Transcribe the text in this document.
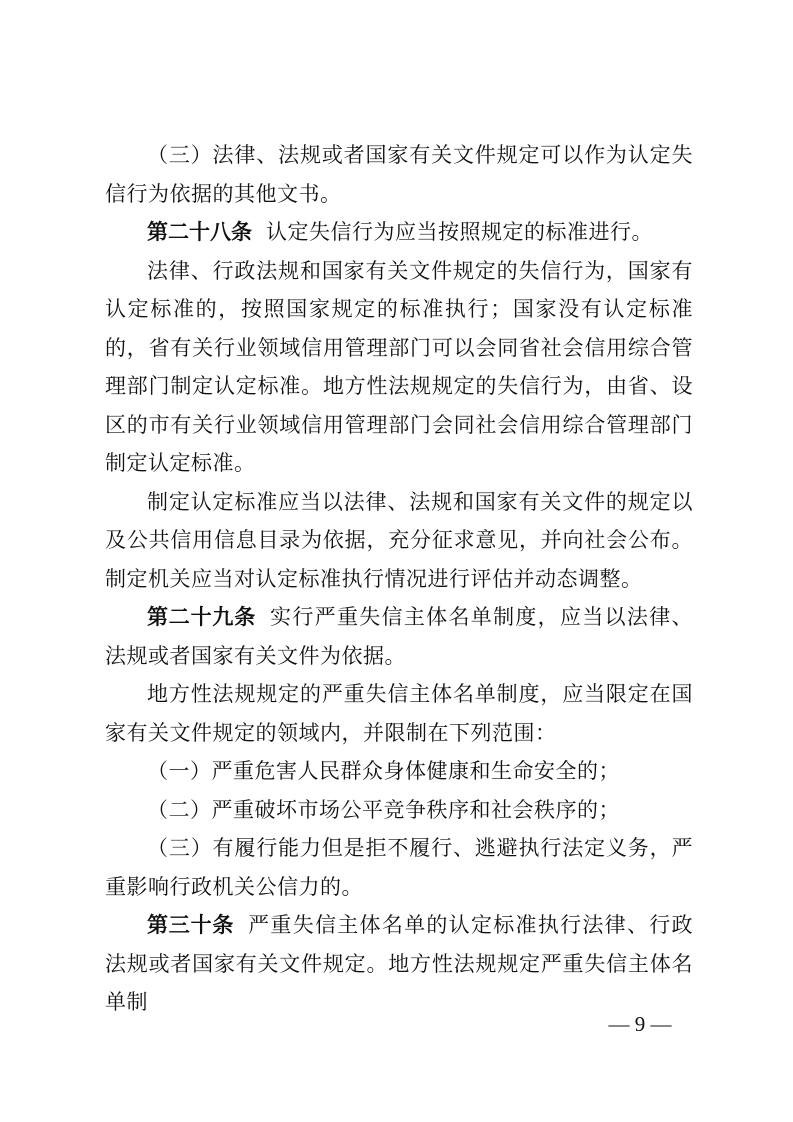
（三）法律、法规或者国家有关文件规定可以作为认定失信行为依据的其他文书。

第二十八条 认定失信行为应当按照规定的标准进行。

法律、行政法规和国家有关文件规定的失信行为，国家有认定标准的，按照国家规定的标准执行；国家没有认定标准的，省有关行业领域信用管理部门可以会同省社会信用综合管理部门制定认定标准。地方性法规规定的失信行为，由省、设区的市有关行业领域信用管理部门会同社会信用综合管理部门制定认定标准。

制定认定标准应当以法律、法规和国家有关文件的规定以及公共信用信息目录为依据，充分征求意见，并向社会公布。制定机关应当对认定标准执行情况进行评估并动态调整。

第二十九条 实行严重失信主体名单制度，应当以法律、法规或者国家有关文件为依据。

地方性法规规定的严重失信主体名单制度，应当限定在国家有关文件规定的领域内，并限制在下列范围：

（一）严重危害人民群众身体健康和生命安全的；

（二）严重破坏市场公平竞争秩序和社会秩序的；

（三）有履行能力但是拒不履行、逃避执行法定义务，严重影响行政机关公信力的。

第三十条 严重失信主体名单的认定标准执行法律、行政法规或者国家有关文件规定。地方性法规规定严重失信主体名单制

— 9 —
